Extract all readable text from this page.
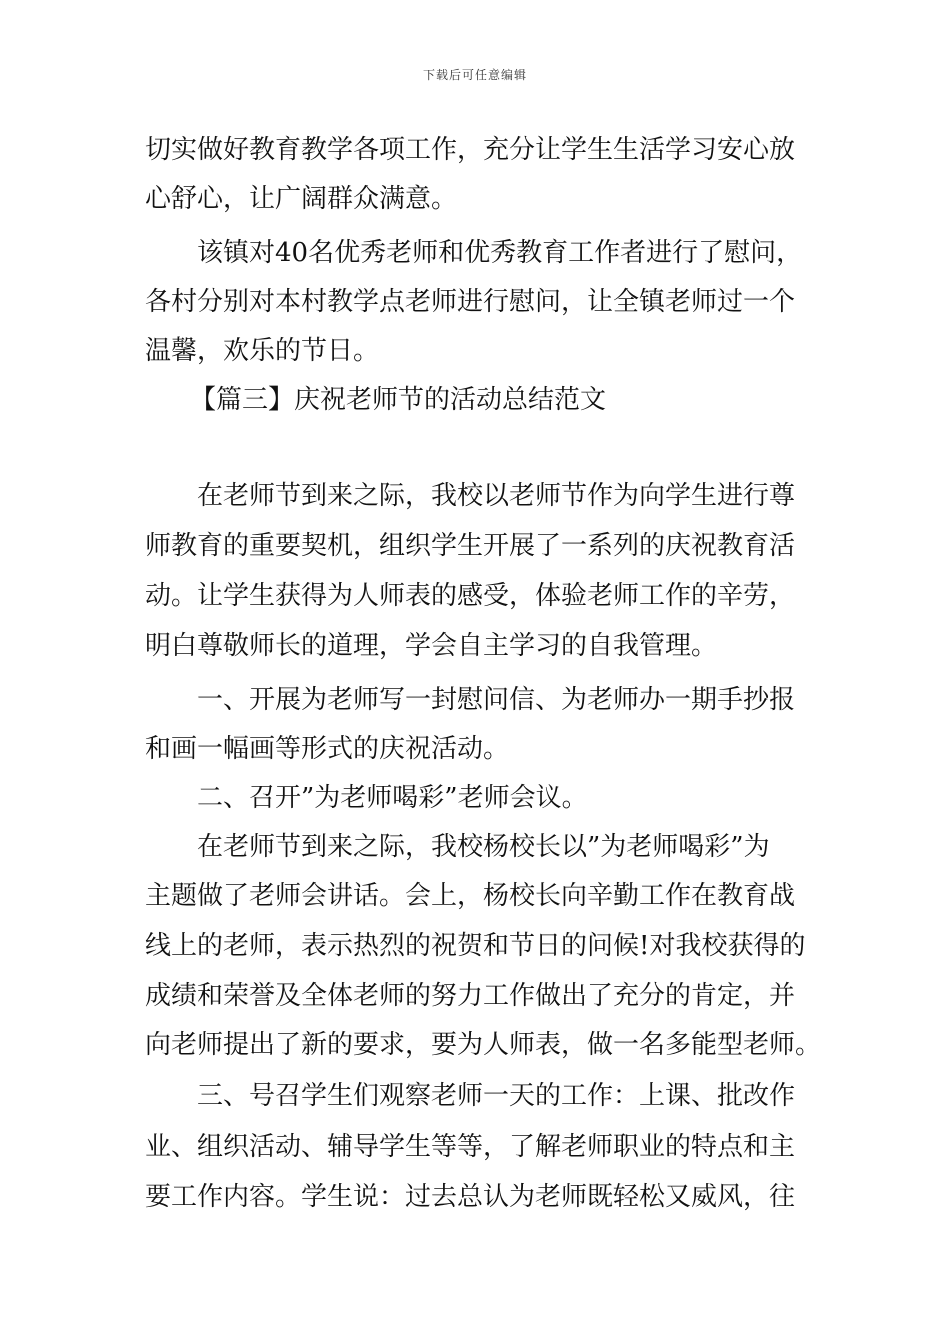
下载后可任意编辑
切实做好教育教学各项工作，充分让学生生活学习安心放
心舒心，让广阔群众满意。
该镇对40名优秀老师和优秀教育工作者进行了慰问，
各村分别对本村教学点老师进行慰问，让全镇老师过一个
温馨，欢乐的节日。
【篇三】庆祝老师节的活动总结范文
在老师节到来之际，我校以老师节作为向学生进行尊
师教育的重要契机，组织学生开展了一系列的庆祝教育活
动。让学生获得为人师表的感受，体验老师工作的辛劳，
明白尊敬师长的道理，学会自主学习的自我管理。
一、开展为老师写一封慰问信、为老师办一期手抄报
和画一幅画等形式的庆祝活动。
二、召开”为老师喝彩”老师会议。
在老师节到来之际，我校杨校长以”为老师喝彩”为
主题做了老师会讲话。会上，杨校长向辛勤工作在教育战
线上的老师，表示热烈的祝贺和节日的问候!对我校获得的
成绩和荣誉及全体老师的努力工作做出了充分的肯定，并
向老师提出了新的要求，要为人师表，做一名多能型老师。
三、号召学生们观察老师一天的工作：上课、批改作
业、组织活动、辅导学生等等，了解老师职业的特点和主
要工作内容。学生说：过去总认为老师既轻松又威风，往
